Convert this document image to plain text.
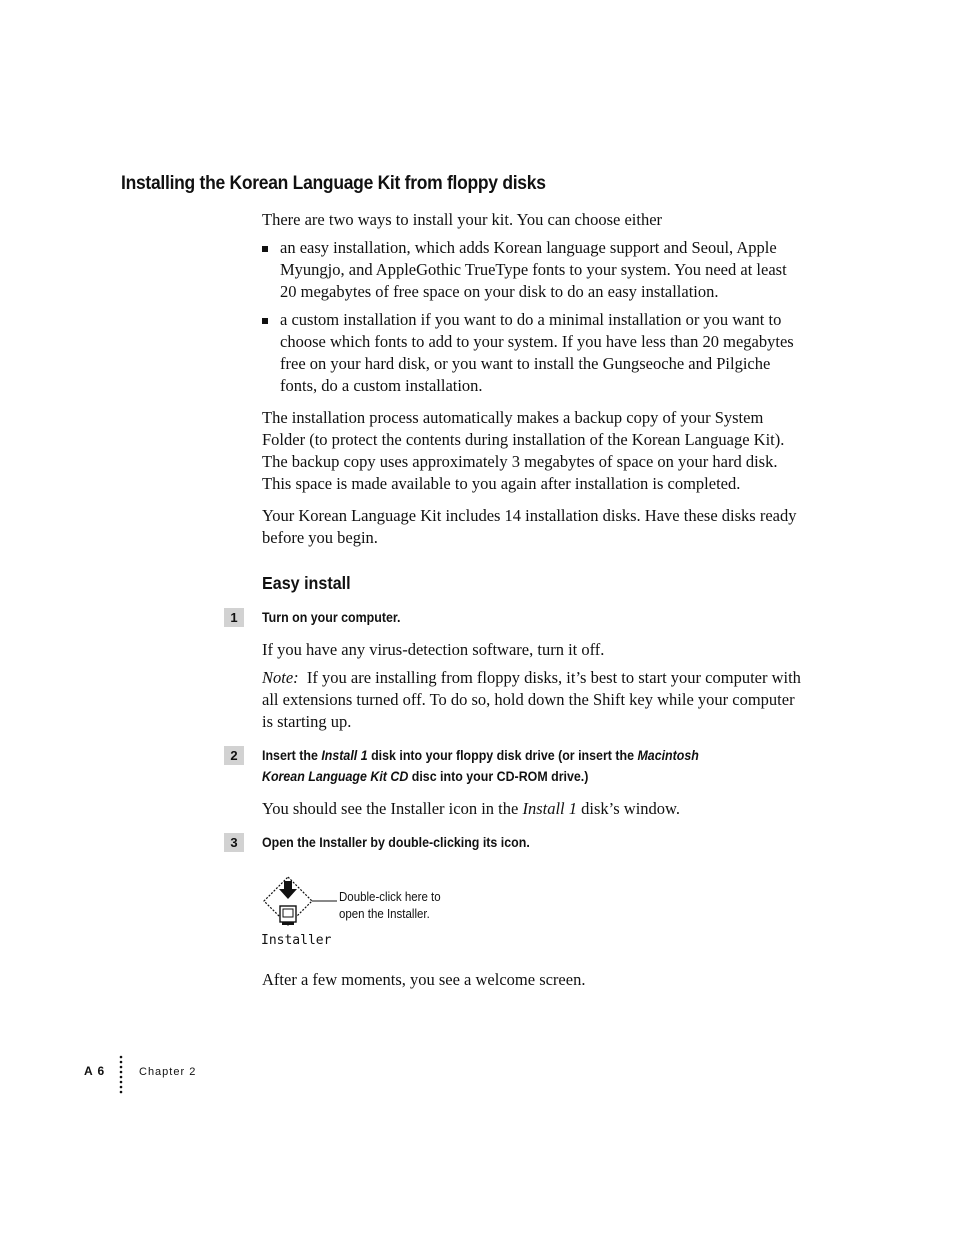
Installing the Korean Language Kit from floppy disks

There are two ways to install your kit. You can choose either

an easy installation, which adds Korean language support and Seoul, Apple Myungjo, and AppleGothic TrueType fonts to your system. You need at least 20 megabytes of free space on your disk to do an easy installation.
a custom installation if you want to do a minimal installation or you want to choose which fonts to add to your system. If you have less than 20 megabytes free on your hard disk, or you want to install the Gungseoche and Pilgiche fonts, do a custom installation.

The installation process automatically makes a backup copy of your System Folder (to protect the contents during installation of the Korean Language Kit). The backup copy uses approximately 3 megabytes of space on your hard disk. This space is made available to you again after installation is completed.

Your Korean Language Kit includes 14 installation disks. Have these disks ready before you begin.

Easy install
1	Turn on your computer.

If you have any virus-detection software, turn it off.

Note: If you are installing from floppy disks, it’s best to start your computer with all extensions turned off. To do so, hold down the Shift key while your computer is starting up.

2	Insert the Install 1 disk into your floppy disk drive (or insert the Macintosh Korean Language Kit CD disc into your CD-ROM drive.)

You should see the Installer icon in the Install 1 disk’s window.

3	Open the Installer by double-clicking its icon.

Installer
Double-click here to open the Installer.

After a few moments, you see a welcome screen.

A 6	Chapter 2
